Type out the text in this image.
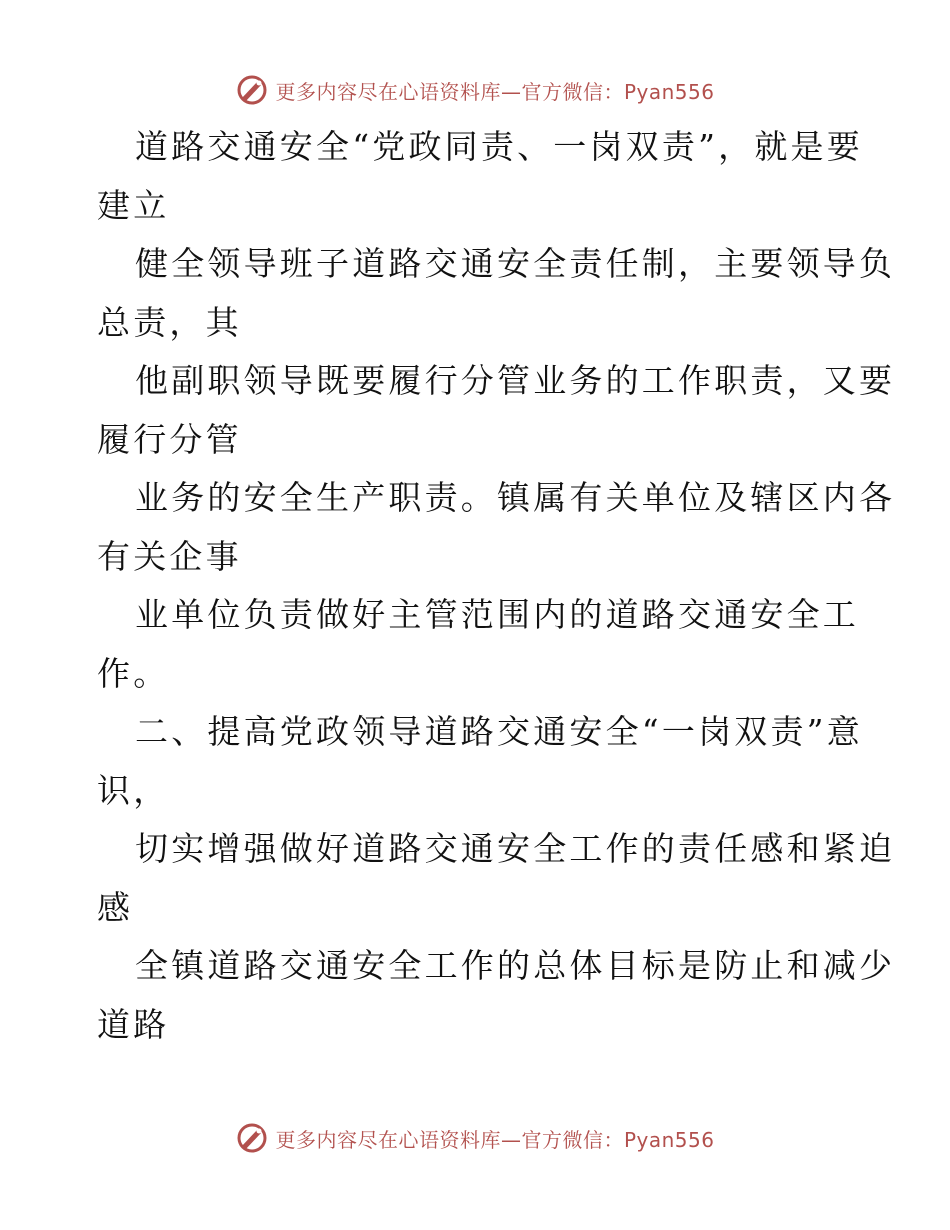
更多内容尽在心语资料库—官方微信：Pyan556

道路交通安全“党政同责、一岗双责”，就是要
建立

健全领导班子道路交通安全责任制，主要领导负
总责，其

他副职领导既要履行分管业务的工作职责，又要
履行分管

业务的安全生产职责。镇属有关单位及辖区内各
有关企事

业单位负责做好主管范围内的道路交通安全工
作。

二、提高党政领导道路交通安全“一岗双责”意
识，

切实增强做好道路交通安全工作的责任感和紧迫
感

全镇道路交通安全工作的总体目标是防止和减少
道路

更多内容尽在心语资料库—官方微信：Pyan556
